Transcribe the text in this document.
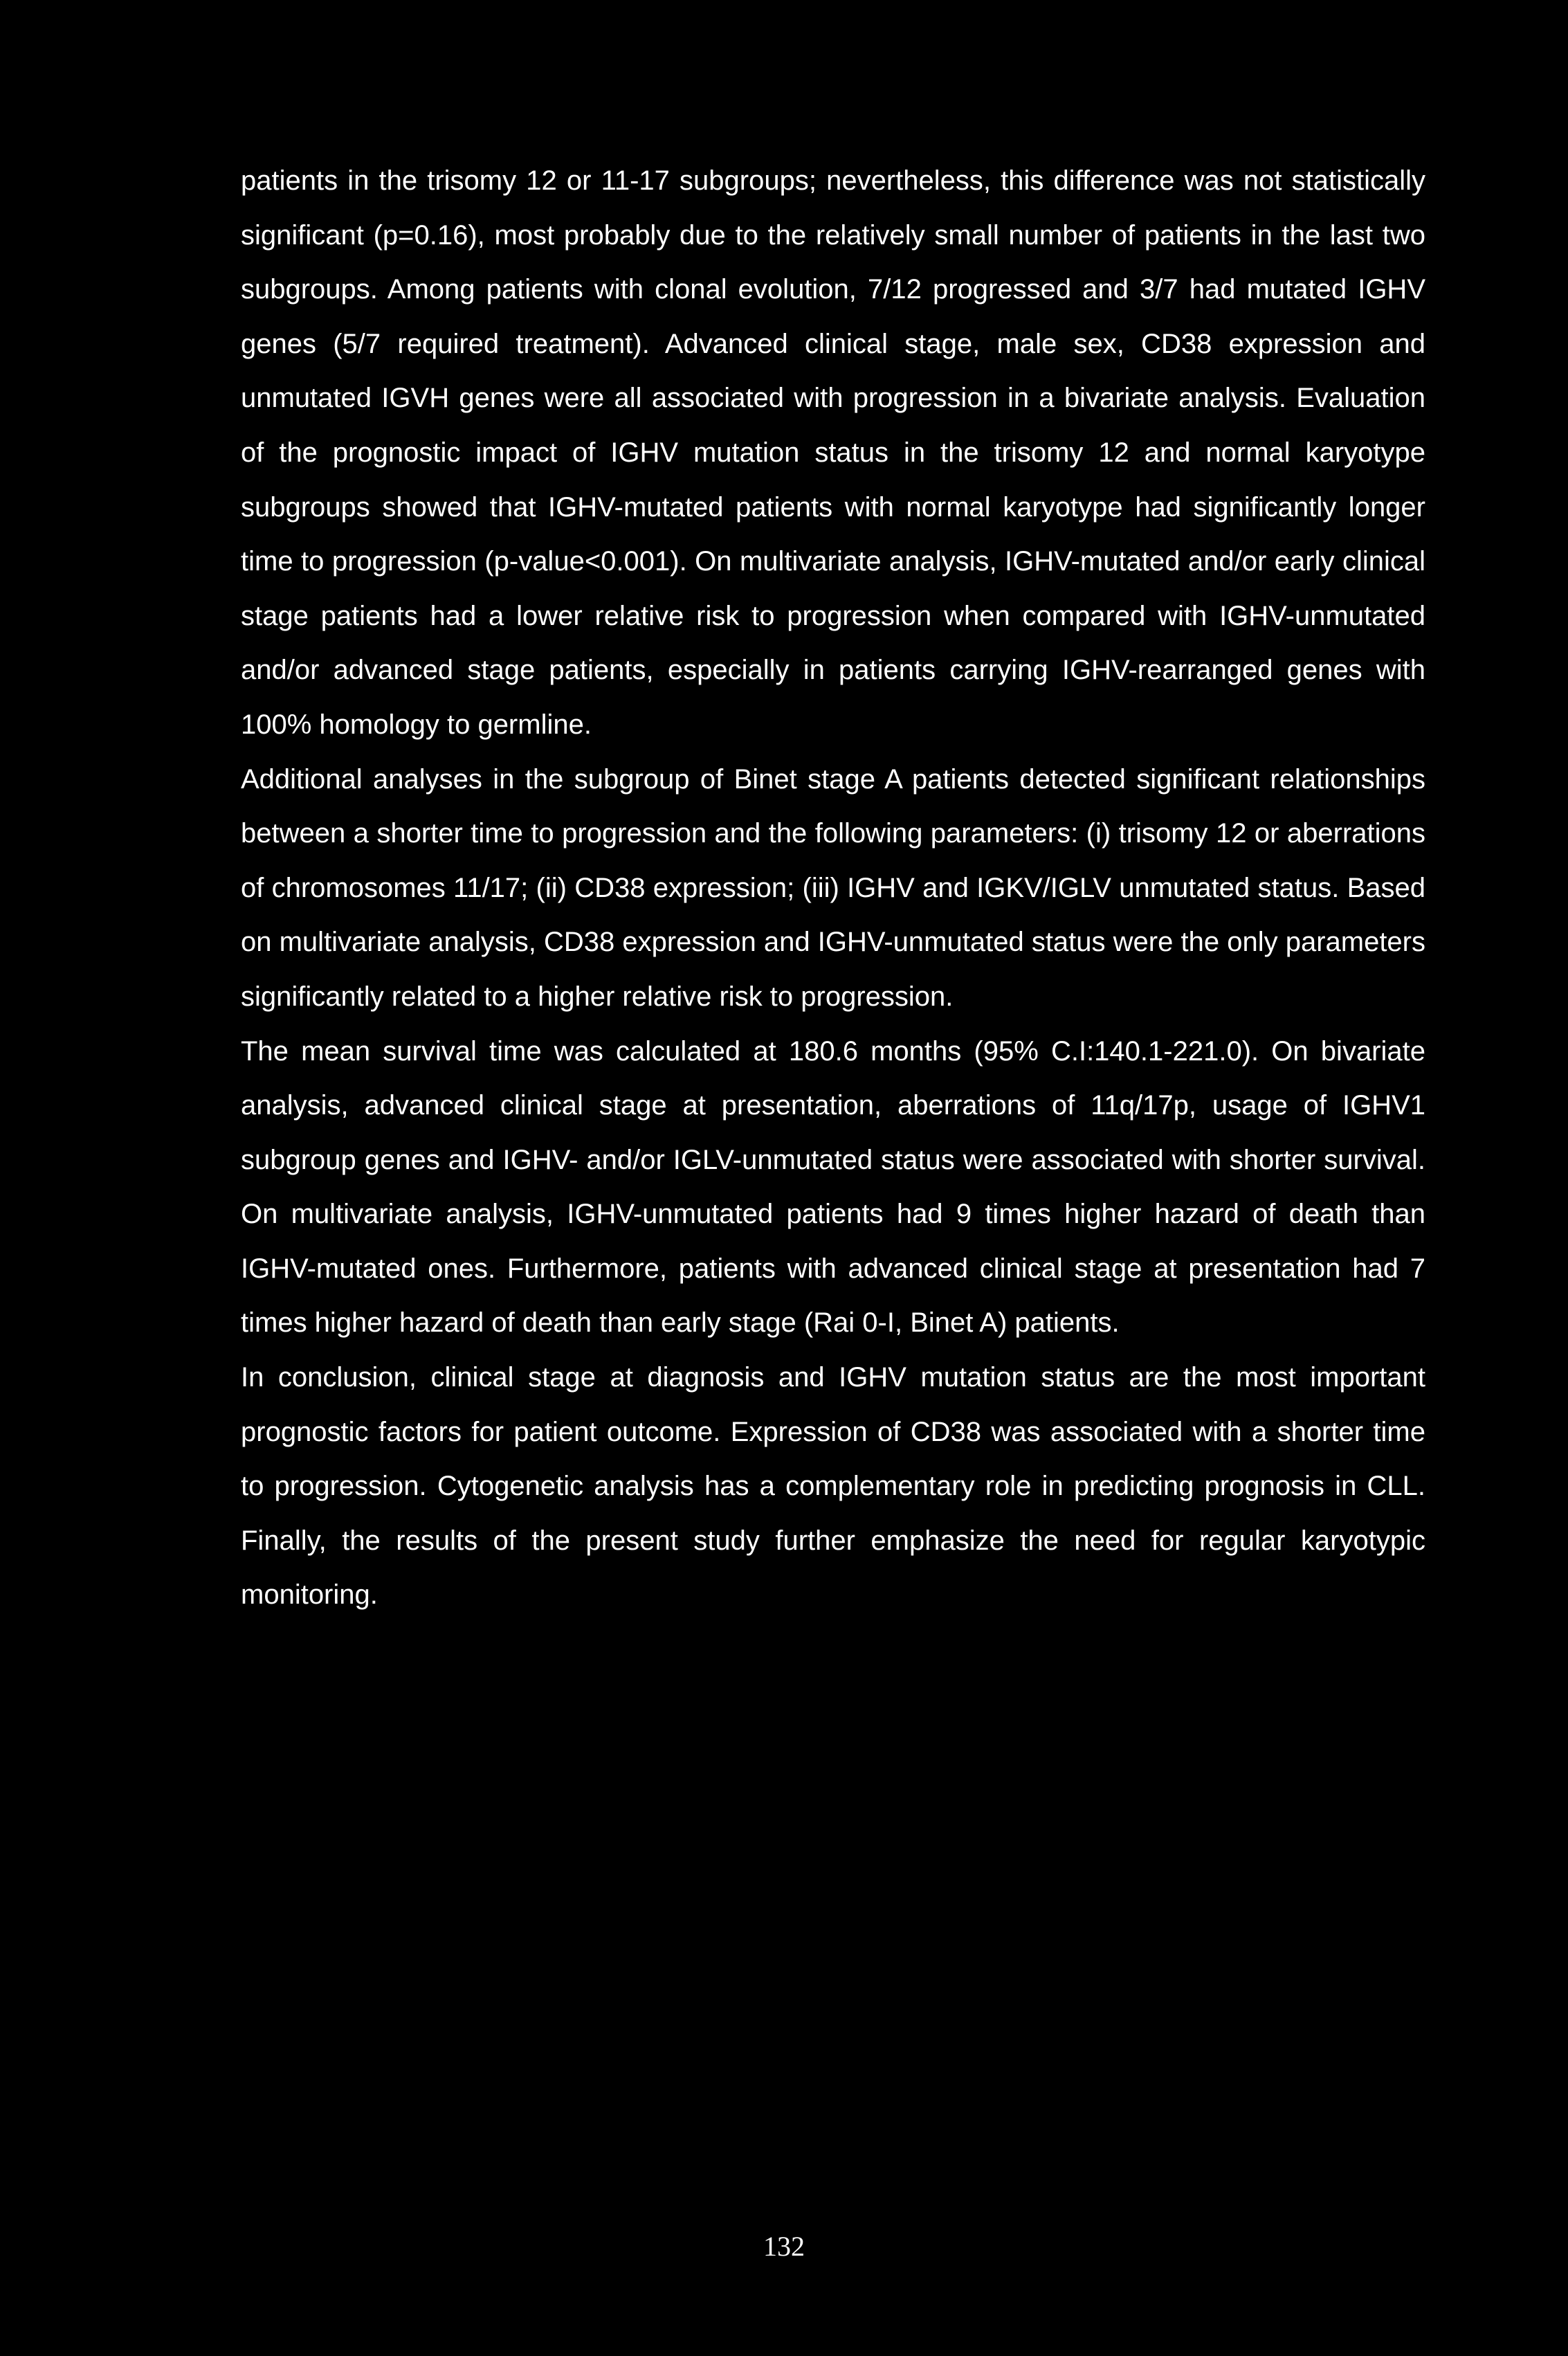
patients in the trisomy 12 or 11-17 subgroups; nevertheless, this difference was not statistically significant (p=0.16), most probably due to the relatively small number of patients in the last two subgroups. Among patients with clonal evolution, 7/12 progressed and 3/7 had mutated IGHV genes (5/7 required treatment). Advanced clinical stage, male sex, CD38 expression and unmutated IGVH genes were all associated with progression in a bivariate analysis. Evaluation of the prognostic impact of IGHV mutation status in the trisomy 12 and normal karyotype subgroups showed that IGHV-mutated patients with normal karyotype had significantly longer time to progression (p-value<0.001). On multivariate analysis, IGHV-mutated and/or early clinical stage patients had a lower relative risk to progression when compared with IGHV-unmutated and/or advanced stage patients, especially in patients carrying IGHV-rearranged genes with 100% homology to germline.

Additional analyses in the subgroup of Binet stage A patients detected significant relationships between a shorter time to progression and the following parameters: (i) trisomy 12 or aberrations of chromosomes 11/17; (ii) CD38 expression; (iii) IGHV and IGKV/IGLV unmutated status. Based on multivariate analysis, CD38 expression and IGHV-unmutated status were the only parameters significantly related to a higher relative risk to progression.

The mean survival time was calculated at 180.6 months (95% C.I:140.1-221.0). On bivariate analysis, advanced clinical stage at presentation, aberrations of 11q/17p, usage of IGHV1 subgroup genes and IGHV- and/or IGLV-unmutated status were associated with shorter survival. On multivariate analysis, IGHV-unmutated patients had 9 times higher hazard of death than IGHV-mutated ones. Furthermore, patients with advanced clinical stage at presentation had 7 times higher hazard of death than early stage (Rai 0-I, Binet A) patients.

In conclusion, clinical stage at diagnosis and IGHV mutation status are the most important prognostic factors for patient outcome. Expression of CD38 was associated with a shorter time to progression. Cytogenetic analysis has a complementary role in predicting prognosis in CLL. Finally, the results of the present study further emphasize the need for regular karyotypic monitoring.

132
